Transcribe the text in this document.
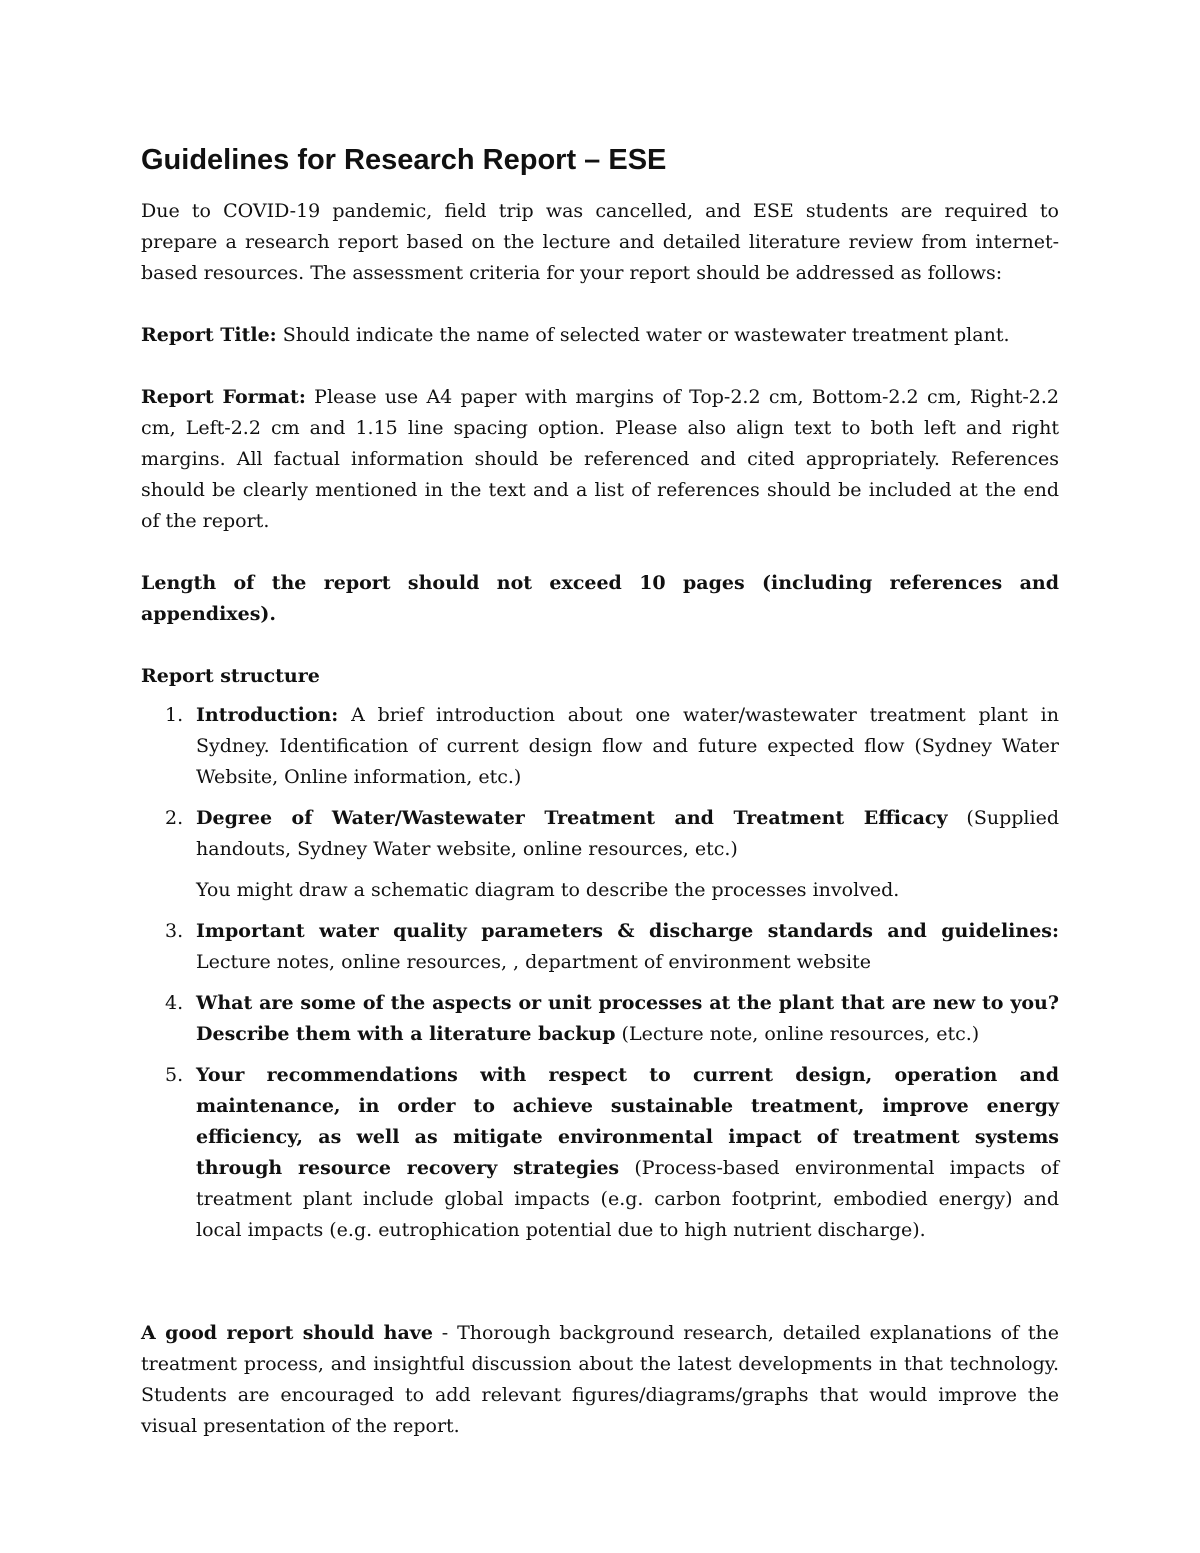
Guidelines for Research Report – ESE

Due to COVID-19 pandemic, field trip was cancelled, and ESE students are required to prepare a research report based on the lecture and detailed literature review from internet-based resources. The assessment criteria for your report should be addressed as follows:

Report Title: Should indicate the name of selected water or wastewater treatment plant.

Report Format: Please use A4 paper with margins of Top-2.2 cm, Bottom-2.2 cm, Right-2.2 cm, Left-2.2 cm and 1.15 line spacing option. Please also align text to both left and right margins. All factual information should be referenced and cited appropriately. References should be clearly mentioned in the text and a list of references should be included at the end of the report.

Length of the report should not exceed 10 pages (including references and appendixes).

Report structure

1. Introduction: A brief introduction about one water/wastewater treatment plant in Sydney. Identification of current design flow and future expected flow (Sydney Water Website, Online information, etc.)
2. Degree of Water/Wastewater Treatment and Treatment Efficacy (Supplied handouts, Sydney Water website, online resources, etc.)
You might draw a schematic diagram to describe the processes involved.
3. Important water quality parameters & discharge standards and guidelines: Lecture notes, online resources, , department of environment website
4. What are some of the aspects or unit processes at the plant that are new to you? Describe them with a literature backup (Lecture note, online resources, etc.)
5. Your recommendations with respect to current design, operation and maintenance, in order to achieve sustainable treatment, improve energy efficiency, as well as mitigate environmental impact of treatment systems through resource recovery strategies (Process-based environmental impacts of treatment plant include global impacts (e.g. carbon footprint, embodied energy) and local impacts (e.g. eutrophication potential due to high nutrient discharge).

A good report should have - Thorough background research, detailed explanations of the treatment process, and insightful discussion about the latest developments in that technology. Students are encouraged to add relevant figures/diagrams/graphs that would improve the visual presentation of the report.
